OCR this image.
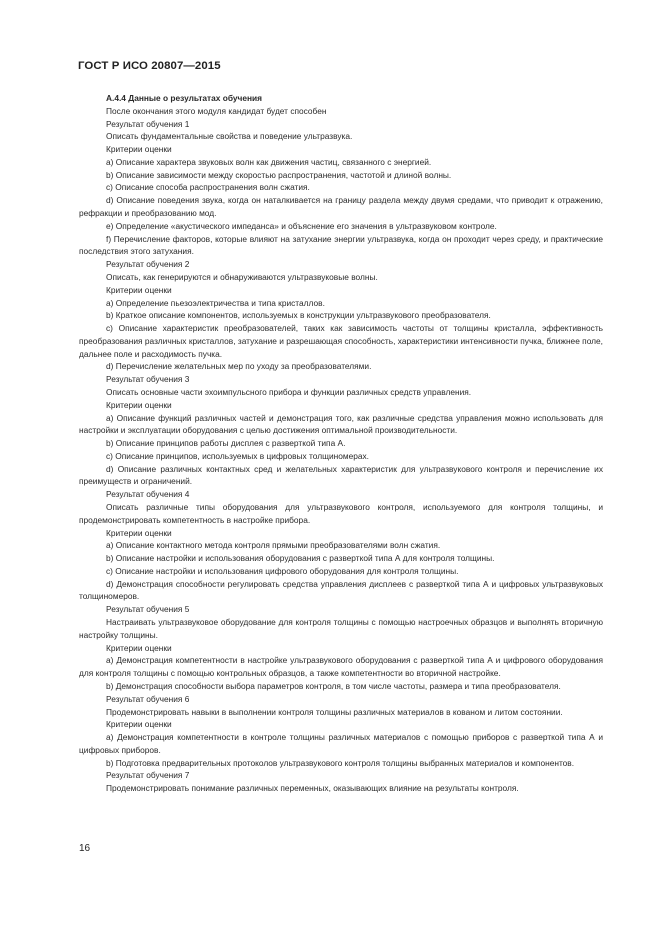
ГОСТ Р ИСО 20807—2015

А.4.4 Данные о результатах обучения

После окончания этого модуля кандидат будет способен

Результат обучения 1

Описать фундаментальные свойства и поведение ультразвука.

Критерии оценки

a) Описание характера звуковых волн как движения частиц, связанного с энергией.

b) Описание зависимости между скоростью распространения, частотой и длиной волны.

c) Описание способа распространения волн сжатия.

d) Описание поведения звука, когда он наталкивается на границу раздела между двумя средами, что приводит к отражению, рефракции и преобразованию мод.

e) Определение «акустического импеданса» и объяснение его значения в ультразвуковом контроле.

f) Перечисление факторов, которые влияют на затухание энергии ультразвука, когда он проходит через среду, и практические последствия этого затухания.

Результат обучения 2

Описать, как генерируются и обнаруживаются ультразвуковые волны.

Критерии оценки

a) Определение пьезоэлектричества и типа кристаллов.

b) Краткое описание компонентов, используемых в конструкции ультразвукового преобразователя.

c) Описание характеристик преобразователей, таких как зависимость частоты от толщины кристалла, эффективность преобразования различных кристаллов, затухание и разрешающая способность, характеристики интенсивности пучка, ближнее поле, дальнее поле и расходимость пучка.

d) Перечисление желательных мер по уходу за преобразователями.

Результат обучения 3

Описать основные части эхоимпульсного прибора и функции различных средств управления.

Критерии оценки

a) Описание функций различных частей и демонстрация того, как различные средства управления можно использовать для настройки и эксплуатации оборудования с целью достижения оптимальной производительности.

b) Описание принципов работы дисплея с разверткой типа А.

c) Описание принципов, используемых в цифровых толщиномерах.

d) Описание различных контактных сред и желательных характеристик для ультразвукового контроля и перечисление их преимуществ и ограничений.

Результат обучения 4

Описать различные типы оборудования для ультразвукового контроля, используемого для контроля толщины, и продемонстрировать компетентность в настройке прибора.

Критерии оценки

a) Описание контактного метода контроля прямыми преобразователями волн сжатия.

b) Описание настройки и использования оборудования с разверткой типа А для контроля толщины.

c) Описание настройки и использования цифрового оборудования для контроля толщины.

d) Демонстрация способности регулировать средства управления дисплеев с разверткой типа А и цифровых ультразвуковых толщиномеров.

Результат обучения 5

Настраивать ультразвуковое оборудование для контроля толщины с помощью настроечных образцов и выполнять вторичную настройку толщины.

Критерии оценки

a) Демонстрация компетентности в настройке ультразвукового оборудования с разверткой типа А и цифрового оборудования для контроля толщины с помощью контрольных образцов, а также компетентности во вторичной настройке.

b) Демонстрация способности выбора параметров контроля, в том числе частоты, размера и типа преобразователя.

Результат обучения 6

Продемонстрировать навыки в выполнении контроля толщины различных материалов в кованом и литом состоянии.

Критерии оценки

a) Демонстрация компетентности в контроле толщины различных материалов с помощью приборов с разверткой типа А и цифровых приборов.

b) Подготовка предварительных протоколов ультразвукового контроля толщины выбранных материалов и компонентов.

Результат обучения 7

Продемонстрировать понимание различных переменных, оказывающих влияние на результаты контроля.

16
